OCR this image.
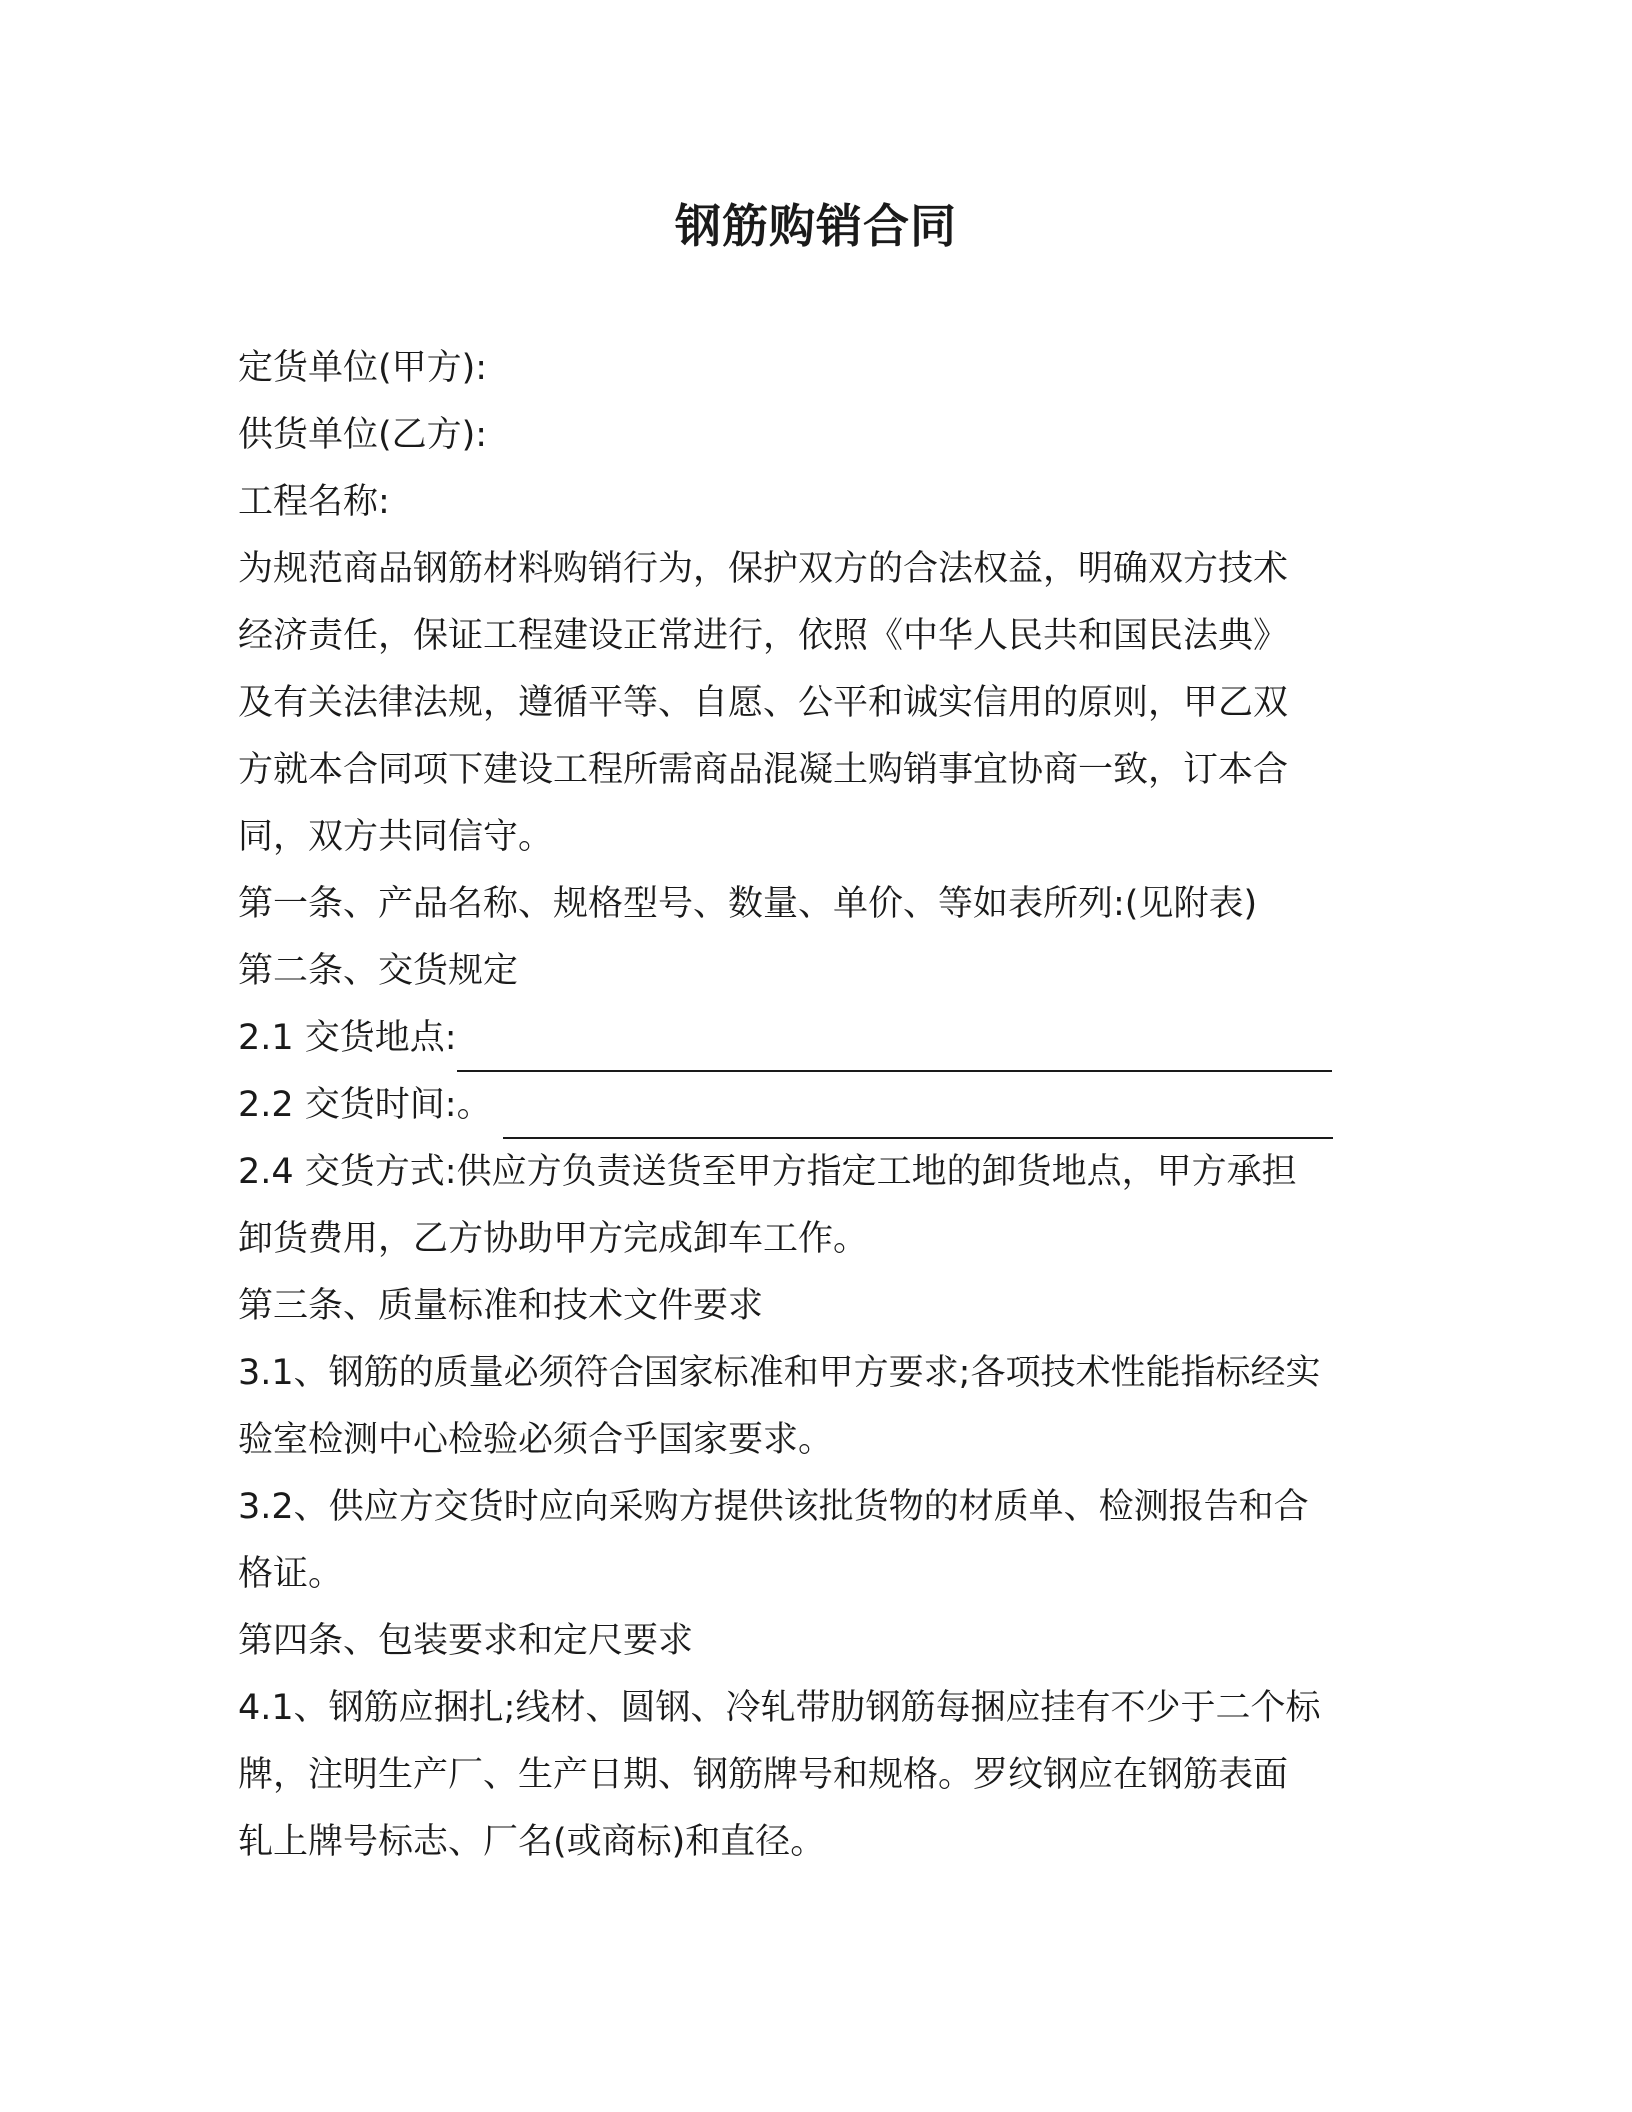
钢筋购销合同
定货单位(甲方):
供货单位(乙方):
工程名称:
为规范商品钢筋材料购销行为，保护双方的合法权益，明确双方技术
经济责任，保证工程建设正常进行，依照《中华人民共和国民法典》
及有关法律法规，遵循平等、自愿、公平和诚实信用的原则，甲乙双
方就本合同项下建设工程所需商品混凝土购销事宜协商一致，订本合
同，双方共同信守。
第一条、产品名称、规格型号、数量、单价、等如表所列:(见附表)
第二条、交货规定
2.1 交货地点:
2.2 交货时间:。
2.4 交货方式:供应方负责送货至甲方指定工地的卸货地点，甲方承担
卸货费用，乙方协助甲方完成卸车工作。
第三条、质量标准和技术文件要求
3.1、钢筋的质量必须符合国家标准和甲方要求;各项技术性能指标经实
验室检测中心检验必须合乎国家要求。
3.2、供应方交货时应向采购方提供该批货物的材质单、检测报告和合
格证。
第四条、包装要求和定尺要求
4.1、钢筋应捆扎;线材、圆钢、冷轧带肋钢筋每捆应挂有不少于二个标
牌，注明生产厂、生产日期、钢筋牌号和规格。罗纹钢应在钢筋表面
轧上牌号标志、厂名(或商标)和直径。
